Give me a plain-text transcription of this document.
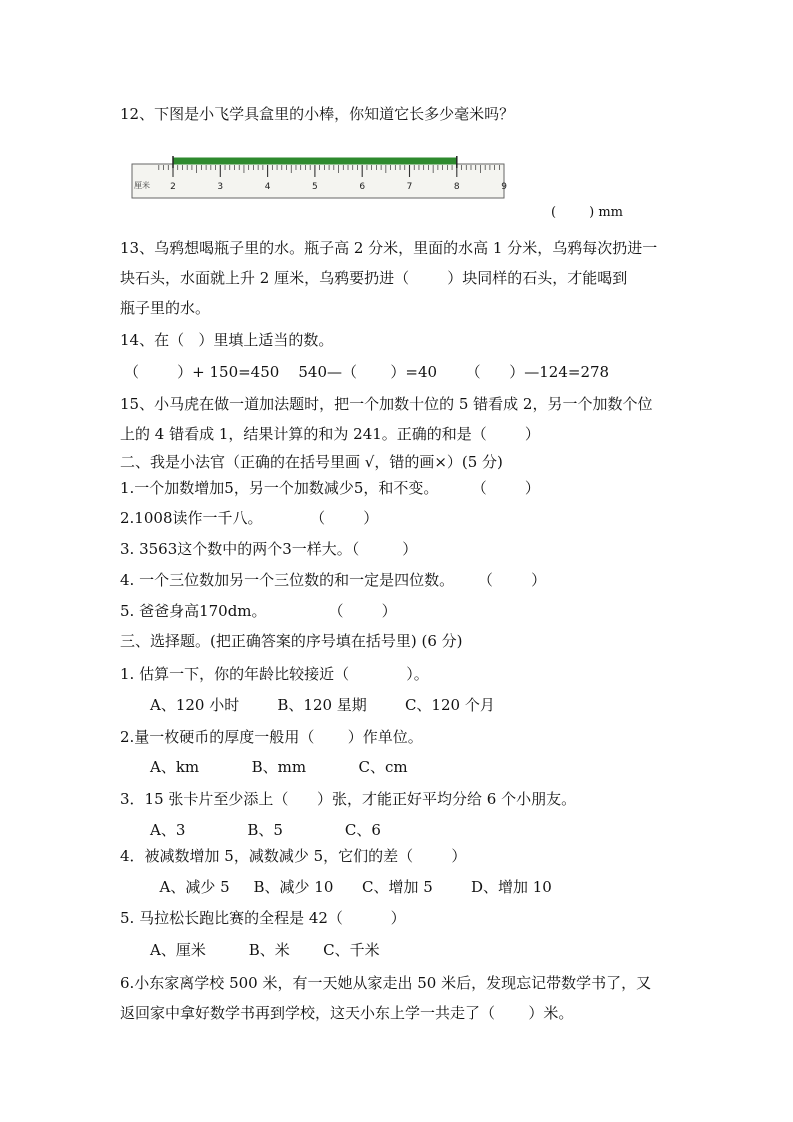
12、下图是小飞学具盒里的小棒，你知道它长多少毫米吗？
2	3	4	5	6	7	8	9
厘米
(        ) mm
13、乌鸦想喝瓶子里的水。瓶子高 2 分米，里面的水高 1 分米，乌鸦每次扔进一
块石头，水面就上升 2 厘米，乌鸦要扔进（        ）块同样的石头，才能喝到
瓶子里的水。
14、在（   ）里填上适当的数。
（        ）+ 150=450    540—（       ）=40      （      ）—124=278
15、小马虎在做一道加法题时，把一个加数十位的 5 错看成 2，另一个加数个位
上的 4 错看成 1，结果计算的和为 241。正确的和是（        ）
二、我是小法官（正确的在括号里画 √，错的画×）(5 分)
1.一个加数增加5，另一个加数减少5，和不变。       （        ）
2.1008读作一千八。          （        ）
3. 3563这个数中的两个3一样大。（         ）
4. 一个三位数加另一个三位数的和一定是四位数。     （        ）
5. 爸爸身高170dm。             （        ）
三、选择题。(把正确答案的序号填在括号里) (6 分)
1. 估算一下，你的年龄比较接近（            ）。
A、120 小时        B、120 星期        C、120 个月
2.量一枚硬币的厚度一般用（       ）作单位。
A、km           B、mm           C、cm
3．15 张卡片至少添上（      ）张，才能正好平均分给 6 个小朋友。
A、3             B、5             C、6
4．被减数增加 5，减数减少 5，它们的差（        ）
A、减少 5     B、减少 10      C、增加 5        D、增加 10
5. 马拉松长跑比赛的全程是 42（          ）
A、厘米         B、米       C、千米
6.小东家离学校 500 米，有一天她从家走出 50 米后，发现忘记带数学书了，又
返回家中拿好数学书再到学校，这天小东上学一共走了（       ）米。
